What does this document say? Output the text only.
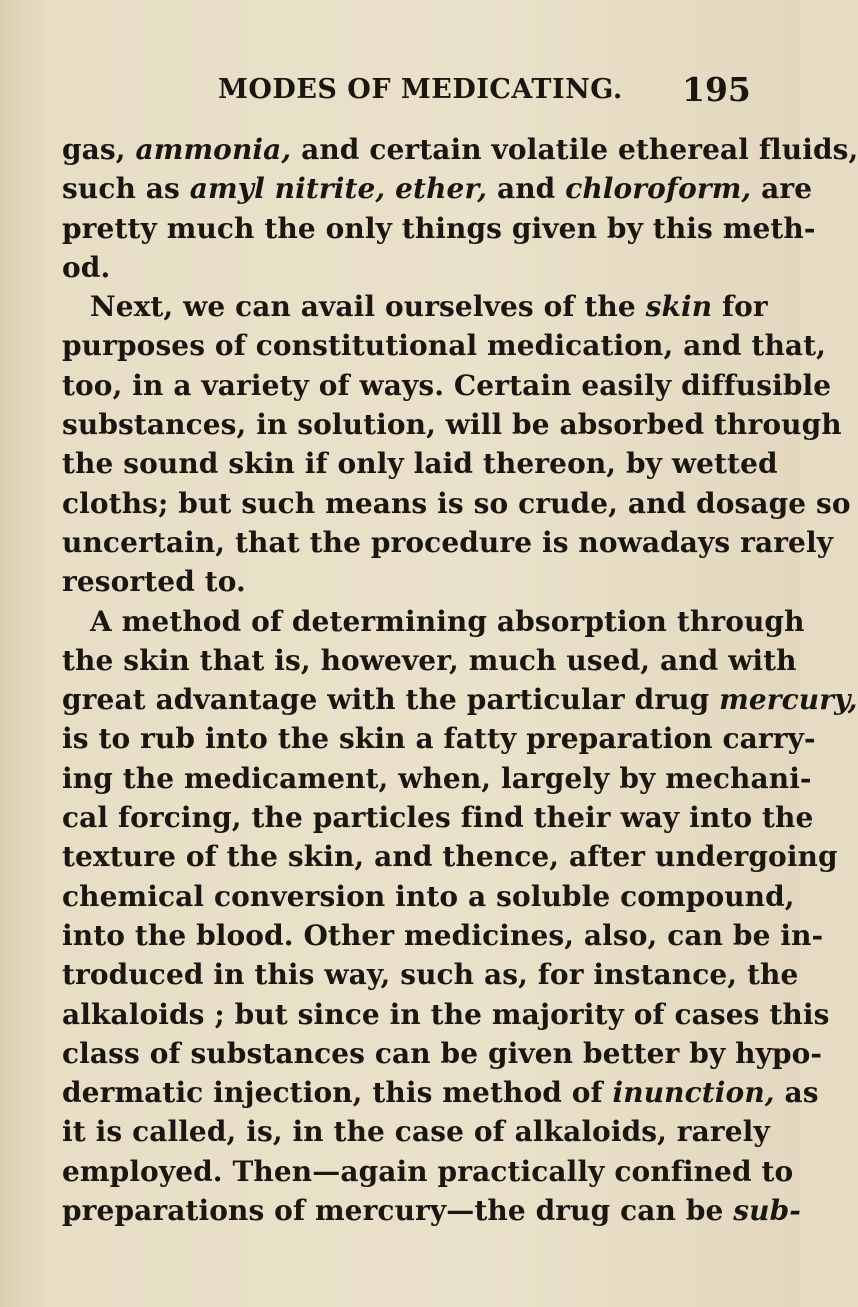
MODES OF MEDICATING. 195
gas, ammonia, and certain volatile ethereal fluids,
such as amyl nitrite, ether, and chloroform, are
pretty much the only things given by this meth-
od.
Next, we can avail ourselves of the skin for
purposes of constitutional medication, and that,
too, in a variety of ways. Certain easily diffusible
substances, in solution, will be absorbed through
the sound skin if only laid thereon, by wetted
cloths; but such means is so crude, and dosage so
uncertain, that the procedure is nowadays rarely
resorted to.
A method of determining absorption through
the skin that is, however, much used, and with
great advantage with the particular drug mercury,
is to rub into the skin a fatty preparation carry-
ing the medicament, when, largely by mechani-
cal forcing, the particles find their way into the
texture of the skin, and thence, after undergoing
chemical conversion into a soluble compound,
into the blood. Other medicines, also, can be in-
troduced in this way, such as, for instance, the
alkaloids ; but since in the majority of cases this
class of substances can be given better by hypo-
dermatic injection, this method of inunction, as
it is called, is, in the case of alkaloids, rarely
employed. Then—again practically confined to
preparations of mercury—the drug can be sub-
